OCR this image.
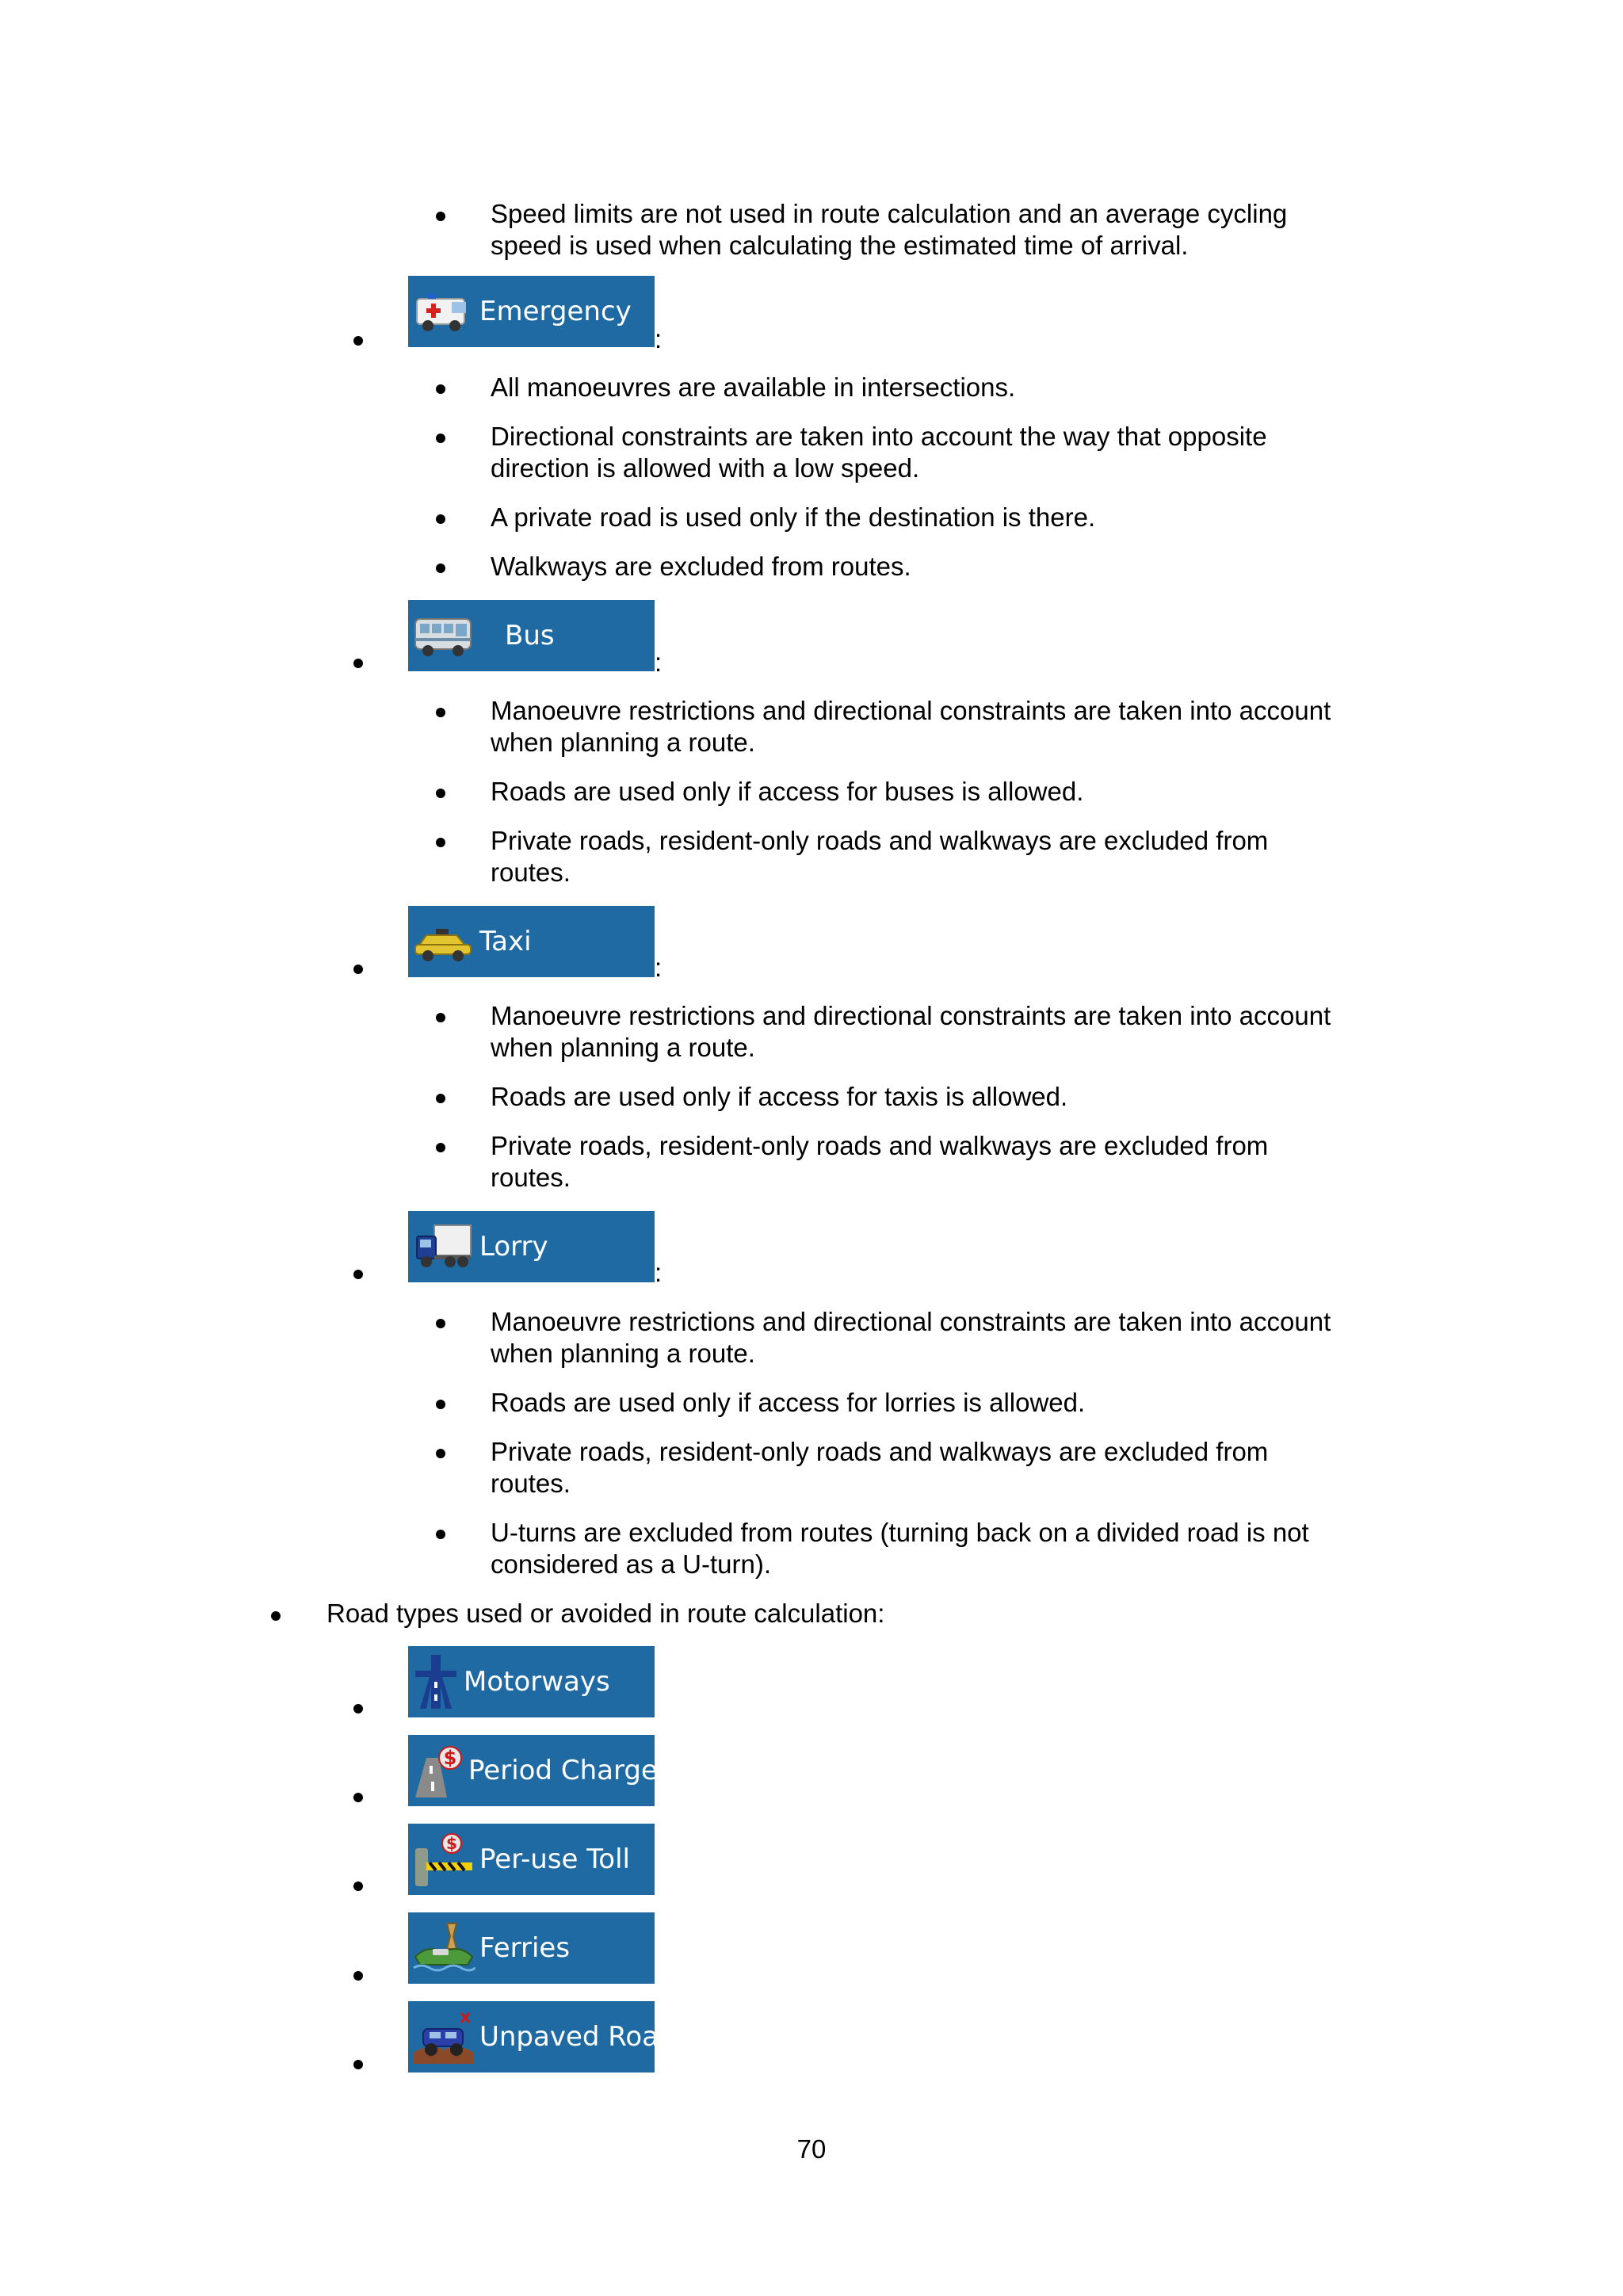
Speed limits are not used in route calculation and an average cycling
speed is used when calculating the estimated time of arrival.
Emergency
:
All manoeuvres are available in intersections.
Directional constraints are taken into account the way that opposite
direction is allowed with a low speed.
A private road is used only if the destination is there.
Walkways are excluded from routes.
Bus
:
Manoeuvre restrictions and directional constraints are taken into account
when planning a route.
Roads are used only if access for buses is allowed.
Private roads, resident-only roads and walkways are excluded from
routes.
Taxi
:
Manoeuvre restrictions and directional constraints are taken into account
when planning a route.
Roads are used only if access for taxis is allowed.
Private roads, resident-only roads and walkways are excluded from
routes.
Lorry
:
Manoeuvre restrictions and directional constraints are taken into account
when planning a route.
Roads are used only if access for lorries is allowed.
Private roads, resident-only roads and walkways are excluded from
routes.
U-turns are excluded from routes (turning back on a divided road is not
considered as a U-turn).
Road types used or avoided in route calculation:
Motorways
$ Period Charge
$ Per-use Toll
Ferries
Unpaved Roads
70
